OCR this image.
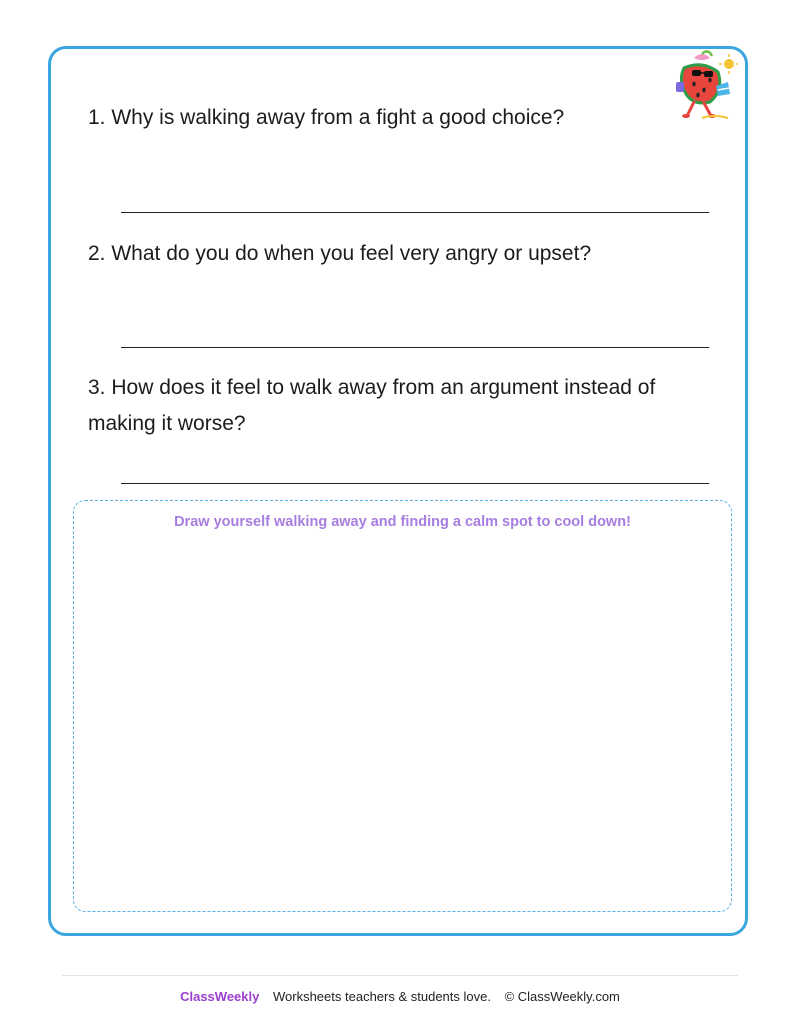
1. Why is walking away from a fight a good choice?
2. What do you do when you feel very angry or upset?
3. How does it feel to walk away from an argument instead of making it worse?
Draw yourself walking away and finding a calm spot to cool down!
ClassWeekly Worksheets teachers & students love. © ClassWeekly.com
